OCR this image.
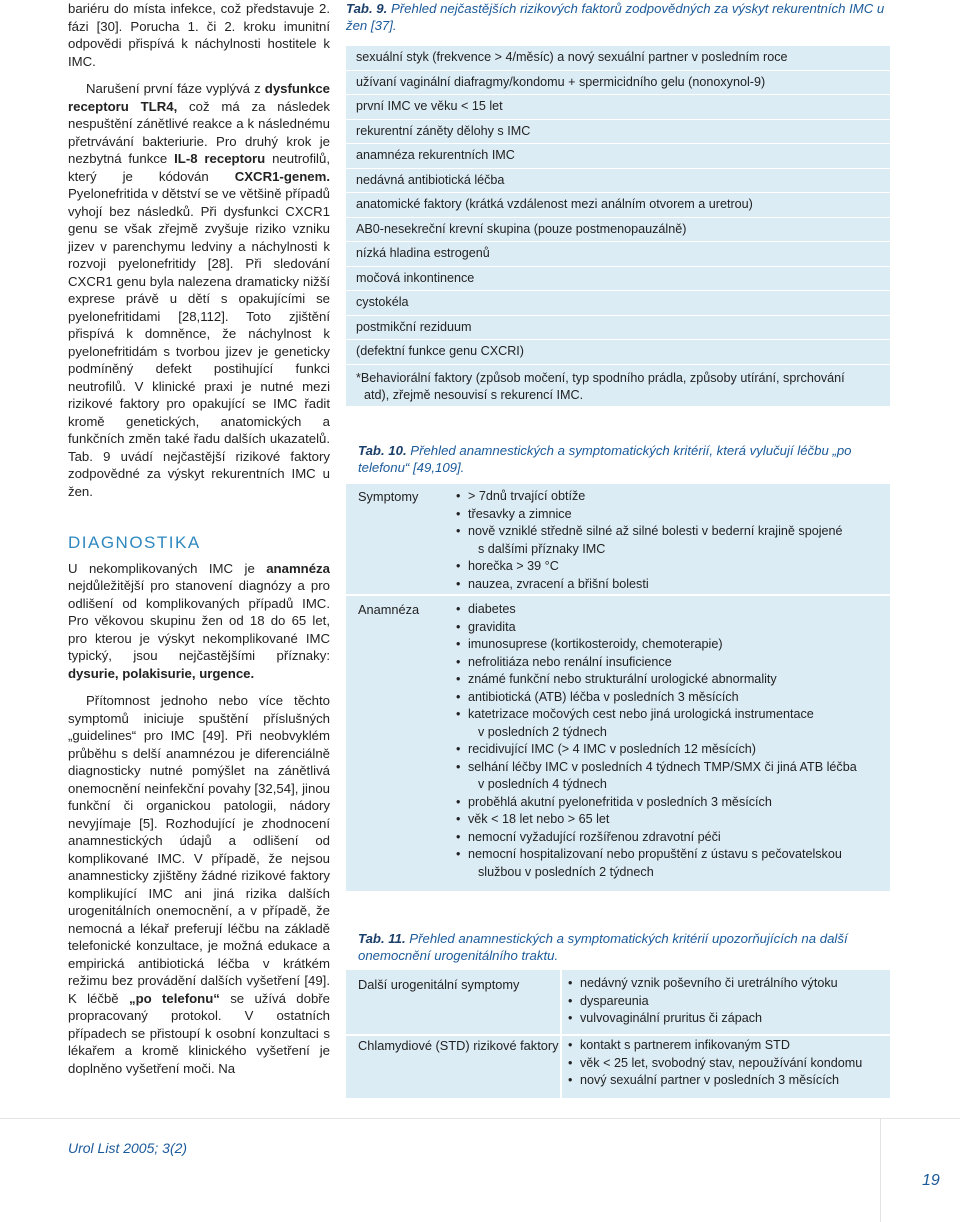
bariéru do místa infekce, což představuje 2. fázi [30]. Porucha 1. či 2. kroku imunitní odpovědi přispívá k náchylnosti hostitele k IMC.

Narušení první fáze vyplývá z dysfunkce receptoru TLR4, což má za následek nespuštění zánětlivé reakce a k následnému přetrvávání bakteriurie. Pro druhý krok je nezbytná funkce IL-8 receptoru neutrofilů, který je kódován CXCR1-genem. Pyelonefritida v dětství se ve většině případů vyhojí bez následků. Při dysfunkci CXCR1 genu se však zřejmě zvyšuje riziko vzniku jizev v parenchymu ledviny a náchylnosti k rozvoji pyelonefritidy [28]. Při sledování CXCR1 genu byla nalezena dramaticky nižší exprese právě u dětí s opakujícími se pyelonefritidami [28,112]. Toto zjištění přispívá k domněnce, že náchylnost k pyelonefritidám s tvorbou jizev je geneticky podmíněný defekt postihující funkci neutrofilů. V klinické praxi je nutné mezi rizikové faktory pro opakující se IMC řadit kromě genetických, anatomických a funkčních změn také řadu dalších ukazatelů. Tab. 9 uvádí nejčastější rizikové faktory zodpovědné za výskyt rekurentních IMC u žen.

DIAGNOSTIKA

U nekomplikovaných IMC je anamnéza nejdůležitější pro stanovení diagnózy a pro odlišení od komplikovaných případů IMC. Pro věkovou skupinu žen od 18 do 65 let, pro kterou je výskyt nekomplikované IMC typický, jsou nejčastějšími příznaky: dysurie, polakisurie, urgence.

Přítomnost jednoho nebo více těchto symptomů iniciuje spuštění příslušných „guidelines“ pro IMC [49]. Při neobvyklém průběhu s delší anamnézou je diferenciálně diagnosticky nutné pomýšlet na zánětlivá onemocnění neinfekční povahy [32,54], jinou funkční či organickou patologii, nádory nevyjímaje [5]. Rozhodující je zhodnocení anamnestických údajů a odlišení od komplikované IMC. V případě, že nejsou anamnesticky zjištěny žádné rizikové faktory komplikující IMC ani jiná rizika dalších urogenitálních onemocnění, a v případě, že nemocná a lékař preferují léčbu na základě telefonické konzultace, je možná edukace a empirická antibiotická léčba v krátkém režimu bez provádění dalších vyšetření [49]. K léčbě „po telefonu“ se užívá dobře propracovaný protokol. V ostatních případech se přistoupí k osobní konzultaci s lékařem a kromě klinického vyšetření je doplněno vyšetření moči. Na

Tab. 9. Přehled nejčastějších rizikových faktorů zodpovědných za výskyt rekurentních IMC u žen [37].
sexuální styk (frekvence > 4/měsíc) a nový sexuální partner v posledním roce
užívaní vaginální diafragmy/kondomu + spermicidního gelu (nonoxynol-9)
první IMC ve věku < 15 let
rekurentní záněty dělohy s IMC
anamnéza rekurentních IMC
nedávná antibiotická léčba
anatomické faktory (krátká vzdálenost mezi análním otvorem a uretrou)
AB0-nesekreční krevní skupina (pouze postmenopauzálně)
nízká hladina estrogenů
močová inkontinence
cystokéla
postmikční reziduum
(defektní funkce genu CXCRI)
*Behaviorální faktory (způsob močení, typ spodního prádla, způsoby utírání, sprchování
atd), zřejmě nesouvisí s rekurencí IMC.
Tab. 10. Přehled anamnestických a symptomatických kritérií, která vylučují léčbu „po telefonu“ [49,109].
Symptomy	• > 7dnů trvající obtíže
• třesavky a zimnice
• nově vzniklé středně silné až silné bolesti v bederní krajině spojené
s dalšími příznaky IMC
• horečka > 39 °C
• nauzea, zvracení a břišní bolesti
Anamnéza	• diabetes
• gravidita
• imunosuprese (kortikosteroidy, chemoterapie)
• nefrolitiáza nebo renální insuficience
• známé funkční nebo strukturální urologické abnormality
• antibiotická (ATB) léčba v posledních 3 měsících
• katetrizace močových cest nebo jiná urologická instrumentace
v posledních 2 týdnech
• recidivující IMC (> 4 IMC v posledních 12 měsících)
• selhání léčby IMC v posledních 4 týdnech TMP/SMX či jiná ATB léčba
v posledních 4 týdnech
• proběhlá akutní pyelonefritida v posledních 3 měsících
• věk < 18 let nebo > 65 let
• nemocní vyžadující rozšířenou zdravotní péči
• nemocní hospitalizovaní nebo propuštění z ústavu s pečovatelskou
službou v posledních 2 týdnech
Tab. 11. Přehled anamnestických a symptomatických kritérií upozorňujících na další onemocnění urogenitálního traktu.
Další urogenitální symptomy	• nedávný vznik poševního či uretrálního výtoku
• dyspareunia
• vulvovaginální pruritus či zápach
Chlamydiové (STD) rizikové faktory	• kontakt s partnerem infikovaným STD
• věk < 25 let, svobodný stav, nepoužívání kondomu
• nový sexuální partner v posledních 3 měsících
Urol List 2005; 3(2)
19
